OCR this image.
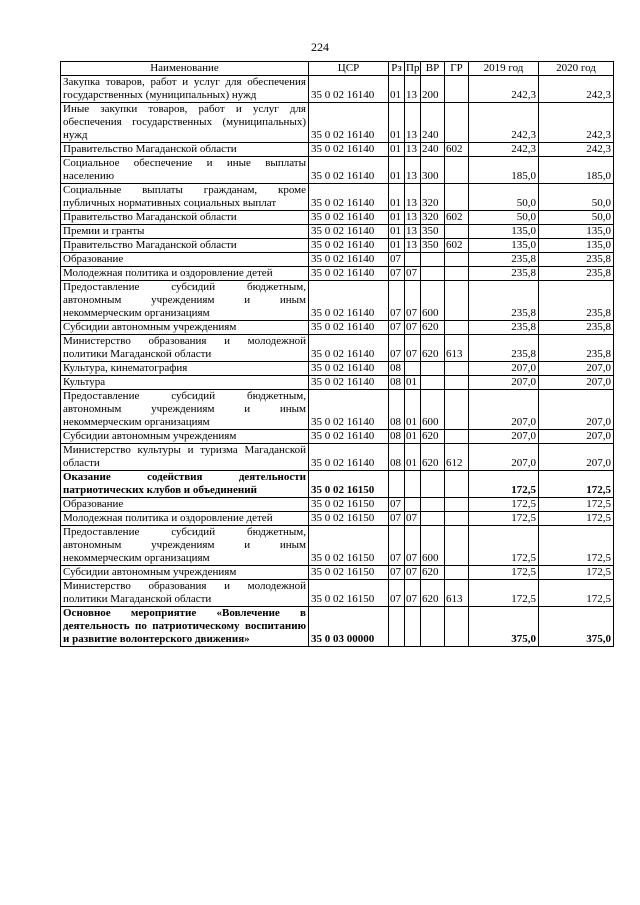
224
Наименование	ЦСР	Рз	Пр	ВР	ГР	2019 год	2020 год
Закупка товаров, работ и услуг для обеспечения государственных (муниципальных) нужд	35 0 02 16140	01	13	200		242,3	242,3
Иные закупки товаров, работ и услуг для обеспечения государственных (муниципальных) нужд	35 0 02 16140	01	13	240		242,3	242,3
Правительство Магаданской области	35 0 02 16140	01	13	240	602	242,3	242,3
Социальное обеспечение и иные выплаты населению	35 0 02 16140	01	13	300		185,0	185,0
Социальные выплаты гражданам, кроме публичных нормативных социальных выплат	35 0 02 16140	01	13	320		50,0	50,0
Правительство Магаданской области	35 0 02 16140	01	13	320	602	50,0	50,0
Премии и гранты	35 0 02 16140	01	13	350		135,0	135,0
Правительство Магаданской области	35 0 02 16140	01	13	350	602	135,0	135,0
Образование	35 0 02 16140	07				235,8	235,8
Молодежная политика и оздоровление детей	35 0 02 16140	07	07			235,8	235,8
Предоставление субсидий бюджетным, автономным учреждениям и иным некоммерческим организациям	35 0 02 16140	07	07	600		235,8	235,8
Субсидии автономным учреждениям	35 0 02 16140	07	07	620		235,8	235,8
Министерство образования и молодежной политики Магаданской области	35 0 02 16140	07	07	620	613	235,8	235,8
Культура, кинематография	35 0 02 16140	08				207,0	207,0
Культура	35 0 02 16140	08	01			207,0	207,0
Предоставление субсидий бюджетным, автономным учреждениям и иным некоммерческим организациям	35 0 02 16140	08	01	600		207,0	207,0
Субсидии автономным учреждениям	35 0 02 16140	08	01	620		207,0	207,0
Министерство культуры и туризма Магаданской области	35 0 02 16140	08	01	620	612	207,0	207,0
Оказание содействия деятельности патриотических клубов и объединений	35 0 02 16150					172,5	172,5
Образование	35 0 02 16150	07				172,5	172,5
Молодежная политика и оздоровление детей	35 0 02 16150	07	07			172,5	172,5
Предоставление субсидий бюджетным, автономным учреждениям и иным некоммерческим организациям	35 0 02 16150	07	07	600		172,5	172,5
Субсидии автономным учреждениям	35 0 02 16150	07	07	620		172,5	172,5
Министерство образования и молодежной политики Магаданской области	35 0 02 16150	07	07	620	613	172,5	172,5
Основное мероприятие «Вовлечение в деятельность по патриотическому воспитанию и развитие волонтерского движения»	35 0 03 00000					375,0	375,0
